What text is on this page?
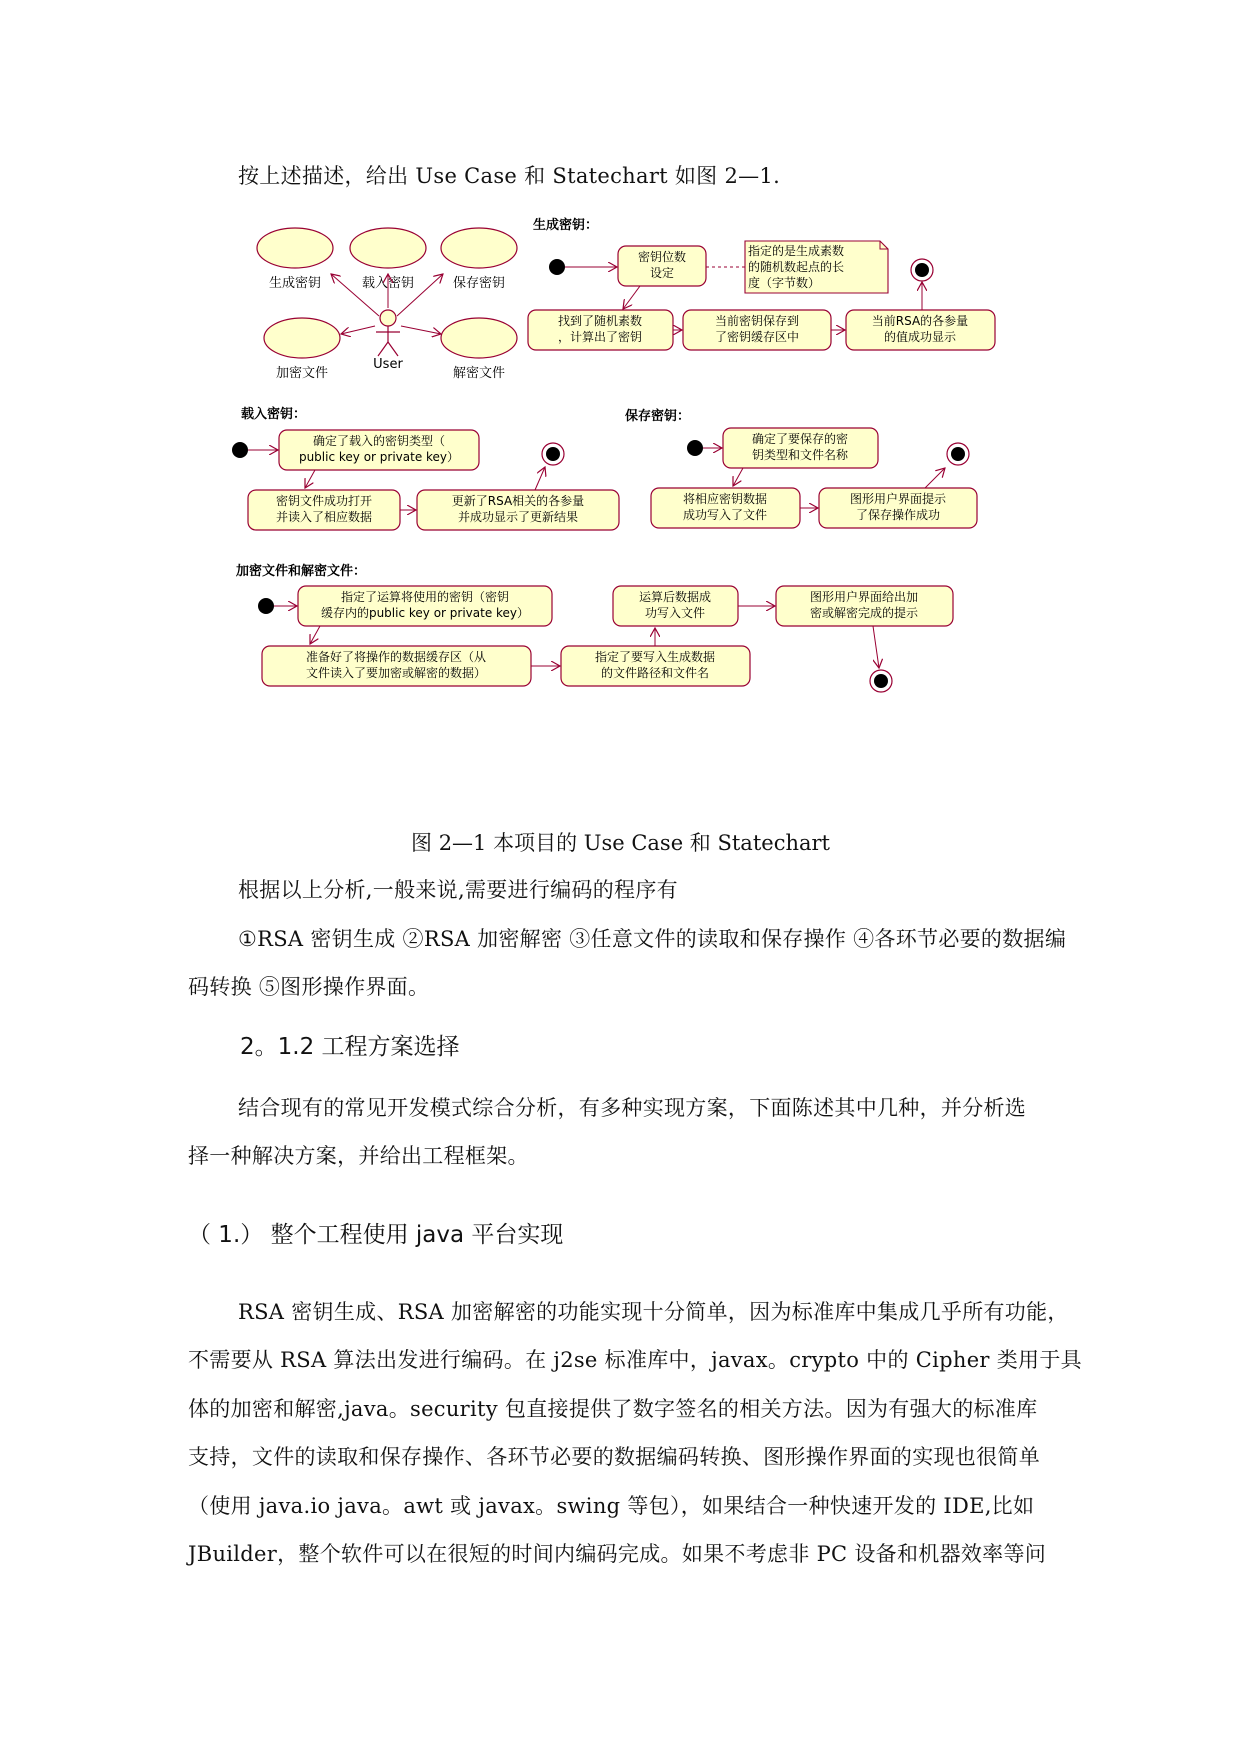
按上述描述，给出 Use Case 和 Statechart 如图 2—1.
生成密钥	载入密钥	保存密钥
加密文件	解密文件
User
生成密钥：
密钥位数
设定
指定的是生成素数
的随机数起点的长
度（字节数）
找到了随机素数
，计算出了密钥
当前密钥保存到
了密钥缓存区中
当前RSA的各参量
的值成功显示
载入密钥：
确定了载入的密钥类型（
public key or private key）
密钥文件成功打开
并读入了相应数据
更新了RSA相关的各参量
并成功显示了更新结果
保存密钥：
确定了要保存的密
钥类型和文件名称
将相应密钥数据
成功写入了文件
图形用户界面提示
了保存操作成功
加密文件和解密文件：
指定了运算将使用的密钥（密钥
缓存内的public key or private key）
准备好了将操作的数据缓存区（从
文件读入了要加密或解密的数据）
指定了要写入生成数据
的文件路径和文件名
运算后数据成
功写入文件
图形用户界面给出加
密或解密完成的提示
图 2—1 本项目的 Use Case 和 Statechart
根据以上分析,一般来说,需要进行编码的程序有
①RSA 密钥生成 ②RSA 加密解密 ③任意文件的读取和保存操作 ④各环节必要的数据编
码转换 ⑤图形操作界面。
2。1.2 工程方案选择
结合现有的常见开发模式综合分析，有多种实现方案，下面陈述其中几种，并分析选
择一种解决方案，并给出工程框架。
（ 1.） 整个工程使用 java 平台实现
RSA 密钥生成、RSA 加密解密的功能实现十分简单，因为标准库中集成几乎所有功能，
不需要从 RSA 算法出发进行编码。在 j2se 标准库中，javax。crypto 中的 Cipher 类用于具
体的加密和解密,java。security 包直接提供了数字签名的相关方法。因为有强大的标准库
支持，文件的读取和保存操作、各环节必要的数据编码转换、图形操作界面的实现也很简单
（使用 java.io java。awt 或 javax。swing 等包），如果结合一种快速开发的 IDE,比如
JBuilder，整个软件可以在很短的时间内编码完成。如果不考虑非 PC 设备和机器效率等问
